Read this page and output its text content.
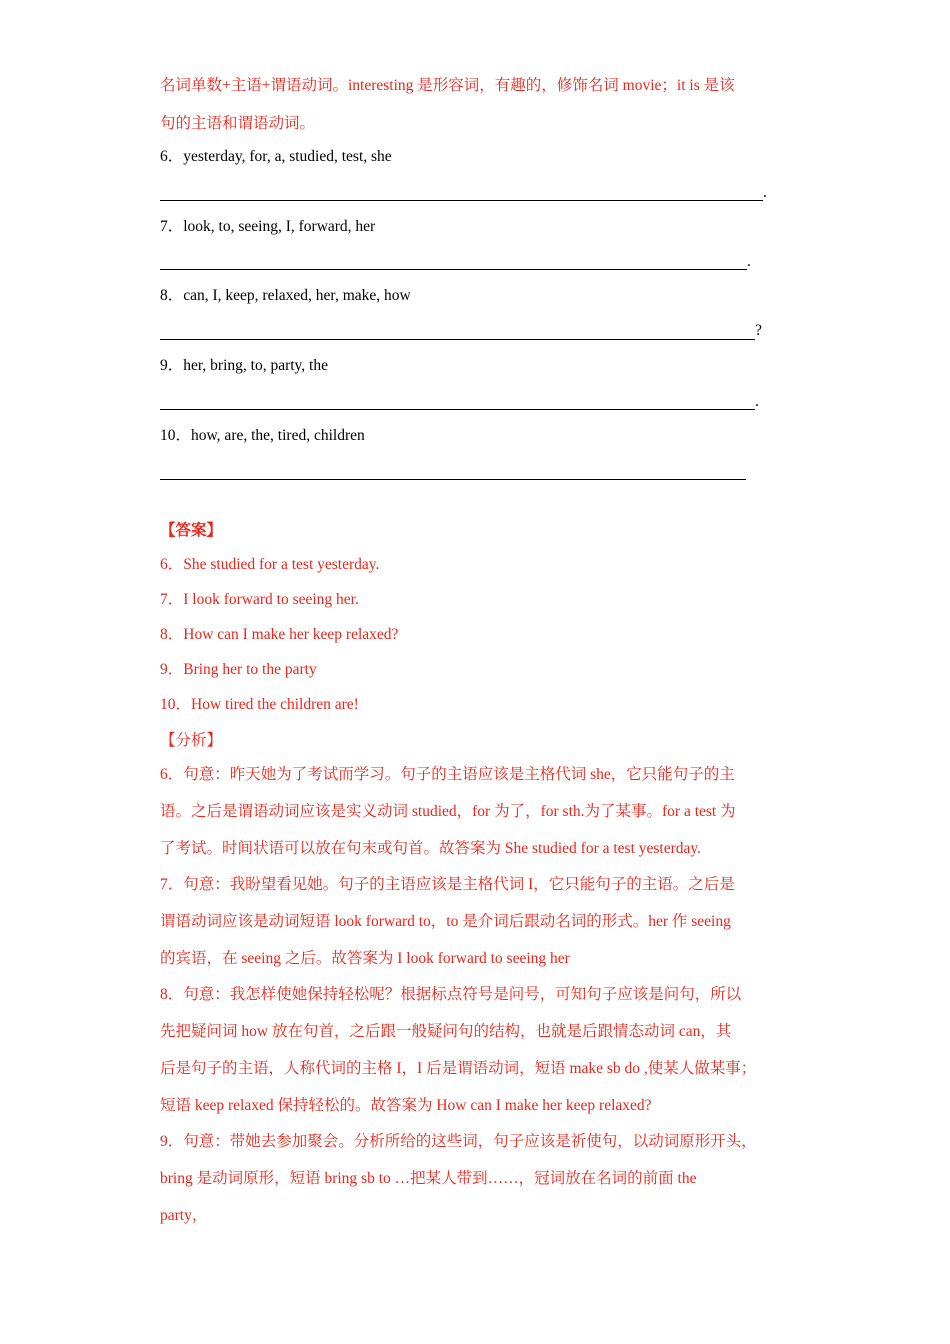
名词单数+主语+谓语动词。interesting 是形容词，有趣的，修饰名词 movie；it is 是该
句的主语和谓语动词。
6．yesterday, for, a, studied, test, she
.
7．look, to, seeing, I, forward, her
.
8．can, I, keep, relaxed, her, make, how
?
9．her, bring, to, party, the
.
10．how, are, the, tired, children
【答案】
6．She studied for a test yesterday.
7．I look forward to seeing her.
8．How can I make her keep relaxed?
9．Bring her to the party
10．How tired the children are!
【分析】
6．句意：昨天她为了考试而学习。句子的主语应该是主格代词 she，它只能句子的主
语。之后是谓语动词应该是实义动词 studied，for 为了，for sth.为了某事。for a test 为
了考试。时间状语可以放在句末或句首。故答案为 She studied for a test yesterday.
7．句意：我盼望看见她。句子的主语应该是主格代词 I，它只能句子的主语。之后是
谓语动词应该是动词短语 look forward to，to 是介词后跟动名词的形式。her 作 seeing
的宾语，在 seeing 之后。故答案为 I look forward to seeing her
8．句意：我怎样使她保持轻松呢？根据标点符号是问号，可知句子应该是问句，所以
先把疑问词 how 放在句首，之后跟一般疑问句的结构，也就是后跟情态动词 can，其
后是句子的主语，人称代词的主格 I，I 后是谓语动词，短语 make sb do ,使某人做某事；
短语 keep relaxed 保持轻松的。故答案为 How can I make her keep relaxed?
9．句意：带她去参加聚会。分析所给的这些词，句子应该是祈使句，以动词原形开头，
bring 是动词原形，短语 bring sb to …把某人带到……，冠词放在名词的前面 the
party，
